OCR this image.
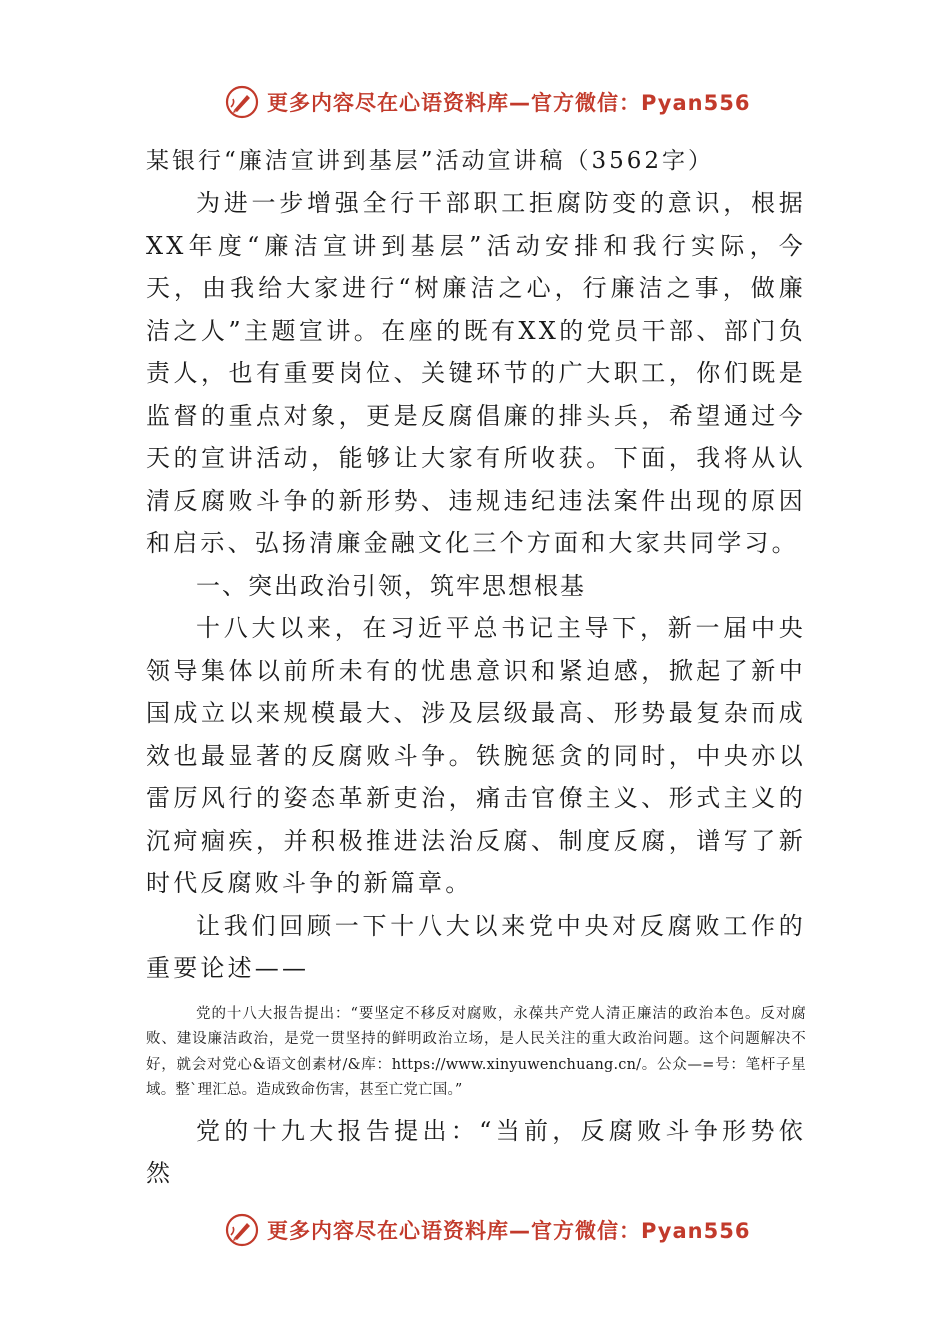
更多内容尽在心语资料库—官方微信：Pyan556

某银行“廉洁宣讲到基层”活动宣讲稿（3562字）

为进一步增强全行干部职工拒腐防变的意识，根据XX年度“廉洁宣讲到基层”活动安排和我行实际，今天，由我给大家进行“树廉洁之心，行廉洁之事，做廉洁之人”主题宣讲。在座的既有XX的党员干部、部门负责人，也有重要岗位、关键环节的广大职工，你们既是监督的重点对象，更是反腐倡廉的排头兵，希望通过今天的宣讲活动，能够让大家有所收获。下面，我将从认清反腐败斗争的新形势、违规违纪违法案件出现的原因和启示、弘扬清廉金融文化三个方面和大家共同学习。

一、突出政治引领，筑牢思想根基

十八大以来，在习近平总书记主导下，新一届中央领导集体以前所未有的忧患意识和紧迫感，掀起了新中国成立以来规模最大、涉及层级最高、形势最复杂而成效也最显著的反腐败斗争。铁腕惩贪的同时，中央亦以雷厉风行的姿态革新吏治，痛击官僚主义、形式主义的沉疴痼疾，并积极推进法治反腐、制度反腐，谱写了新时代反腐败斗争的新篇章。

让我们回顾一下十八大以来党中央对反腐败工作的重要论述——

党的十八大报告提出：“要坚定不移反对腐败，永葆共产党人清正廉洁的政治本色。反对腐败、建设廉洁政治，是党一贯坚持的鲜明政治立场，是人民关注的重大政治问题。这个问题解决不好，就会对党心&语文创素材/&库：https://www.xinyuwenchuang.cn/。公众—=号：笔杆子星域。整`理汇总。造成致命伤害，甚至亡党亡国。”

党的十九大报告提出：“当前，反腐败斗争形势依然

更多内容尽在心语资料库—官方微信：Pyan556
